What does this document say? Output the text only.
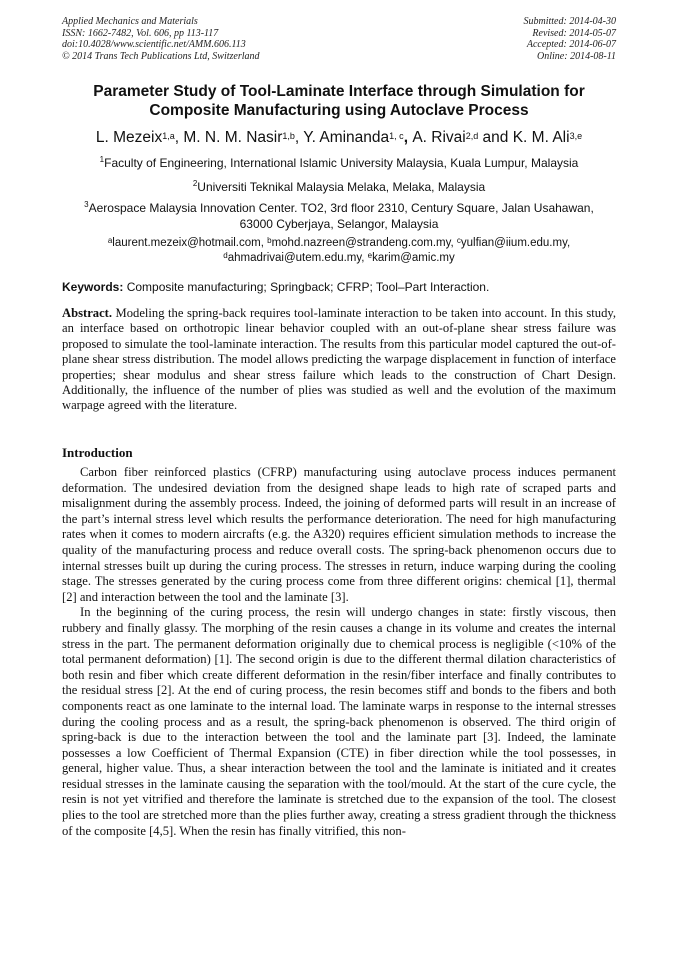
Applied Mechanics and Materials
ISSN: 1662-7482, Vol. 606, pp 113-117
doi:10.4028/www.scientific.net/AMM.606.113
© 2014 Trans Tech Publications Ltd, Switzerland
Submitted: 2014-04-30
Revised: 2014-05-07
Accepted: 2014-06-07
Online: 2014-08-11
Parameter Study of Tool-Laminate Interface through Simulation for
Composite Manufacturing using Autoclave Process
L. Mezeix$^{1,a}$, M. N. M. Nasir$^{1,b}$, Y. Aminanda$^{1, c}$, A. Rivai$^{2,d}$ and K. M. Ali$^{3,e}$
$^1$Faculty of Engineering, International Islamic University Malaysia, Kuala Lumpur, Malaysia
$^2$Universiti Teknikal Malaysia Melaka, Melaka, Malaysia
$^3$Aerospace Malaysia Innovation Center. TO2, 3rd floor 2310, Century Square, Jalan Usahawan,
63000 Cyberjaya, Selangor, Malaysia
$^a$laurent.mezeix@hotmail.com, $^b$mohd.nazreen@strandeng.com.my, $^c$yulfian@iium.edu.my,
$^d$ahmadrivai@utem.edu.my, $^e$karim@amic.my
Keywords: Composite manufacturing; Springback; CFRP; Tool–Part Interaction.
Abstract. Modeling the spring-back requires tool-laminate interaction to be taken into account. In this study, an interface based on orthotropic linear behavior coupled with an out-of-plane shear stress failure was proposed to simulate the tool-laminate interaction. The results from this particular model captured the out-of-plane shear stress distribution. The model allows predicting the warpage displacement in function of interface properties; shear modulus and shear stress failure which leads to the construction of Chart Design. Additionally, the influence of the number of plies was studied as well and the evolution of the maximum warpage agreed with the literature.
Introduction

Carbon fiber reinforced plastics (CFRP) manufacturing using autoclave process induces permanent deformation. The undesired deviation from the designed shape leads to high rate of scraped parts and misalignment during the assembly process. Indeed, the joining of deformed parts will result in an increase of the part’s internal stress level which results the performance deterioration. The need for high manufacturing rates when it comes to modern aircrafts (e.g. the A320) requires efficient simulation methods to increase the quality of the manufacturing process and reduce overall costs. The spring-back phenomenon occurs due to internal stresses built up during the curing process. The stresses in return, induce warping during the cooling stage. The stresses generated by the curing process come from three different origins: chemical [1], thermal [2] and interaction between the tool and the laminate [3].

In the beginning of the curing process, the resin will undergo changes in state: firstly viscous, then rubbery and finally glassy. The morphing of the resin causes a change in its volume and creates the internal stress in the part. The permanent deformation originally due to chemical process is negligible (<10% of the total permanent deformation) [1]. The second origin is due to the different thermal dilation characteristics of both resin and fiber which create different deformation in the resin/fiber interface and finally contributes to the residual stress [2]. At the end of curing process, the resin becomes stiff and bonds to the fibers and both components react as one laminate to the internal load. The laminate warps in response to the internal stresses during the cooling process and as a result, the spring-back phenomenon is observed. The third origin of spring-back is due to the interaction between the tool and the laminate part [3]. Indeed, the laminate possesses a low Coefficient of Thermal Expansion (CTE) in fiber direction while the tool possesses, in general, higher value. Thus, a shear interaction between the tool and the laminate is initiated and it creates residual stresses in the laminate causing the separation with the tool/mould. At the start of the cure cycle, the resin is not yet vitrified and therefore the laminate is stretched due to the expansion of the tool. The closest plies to the tool are stretched more than the plies further away, creating a stress gradient through the thickness of the composite [4,5]. When the resin has finally vitrified, this non-
